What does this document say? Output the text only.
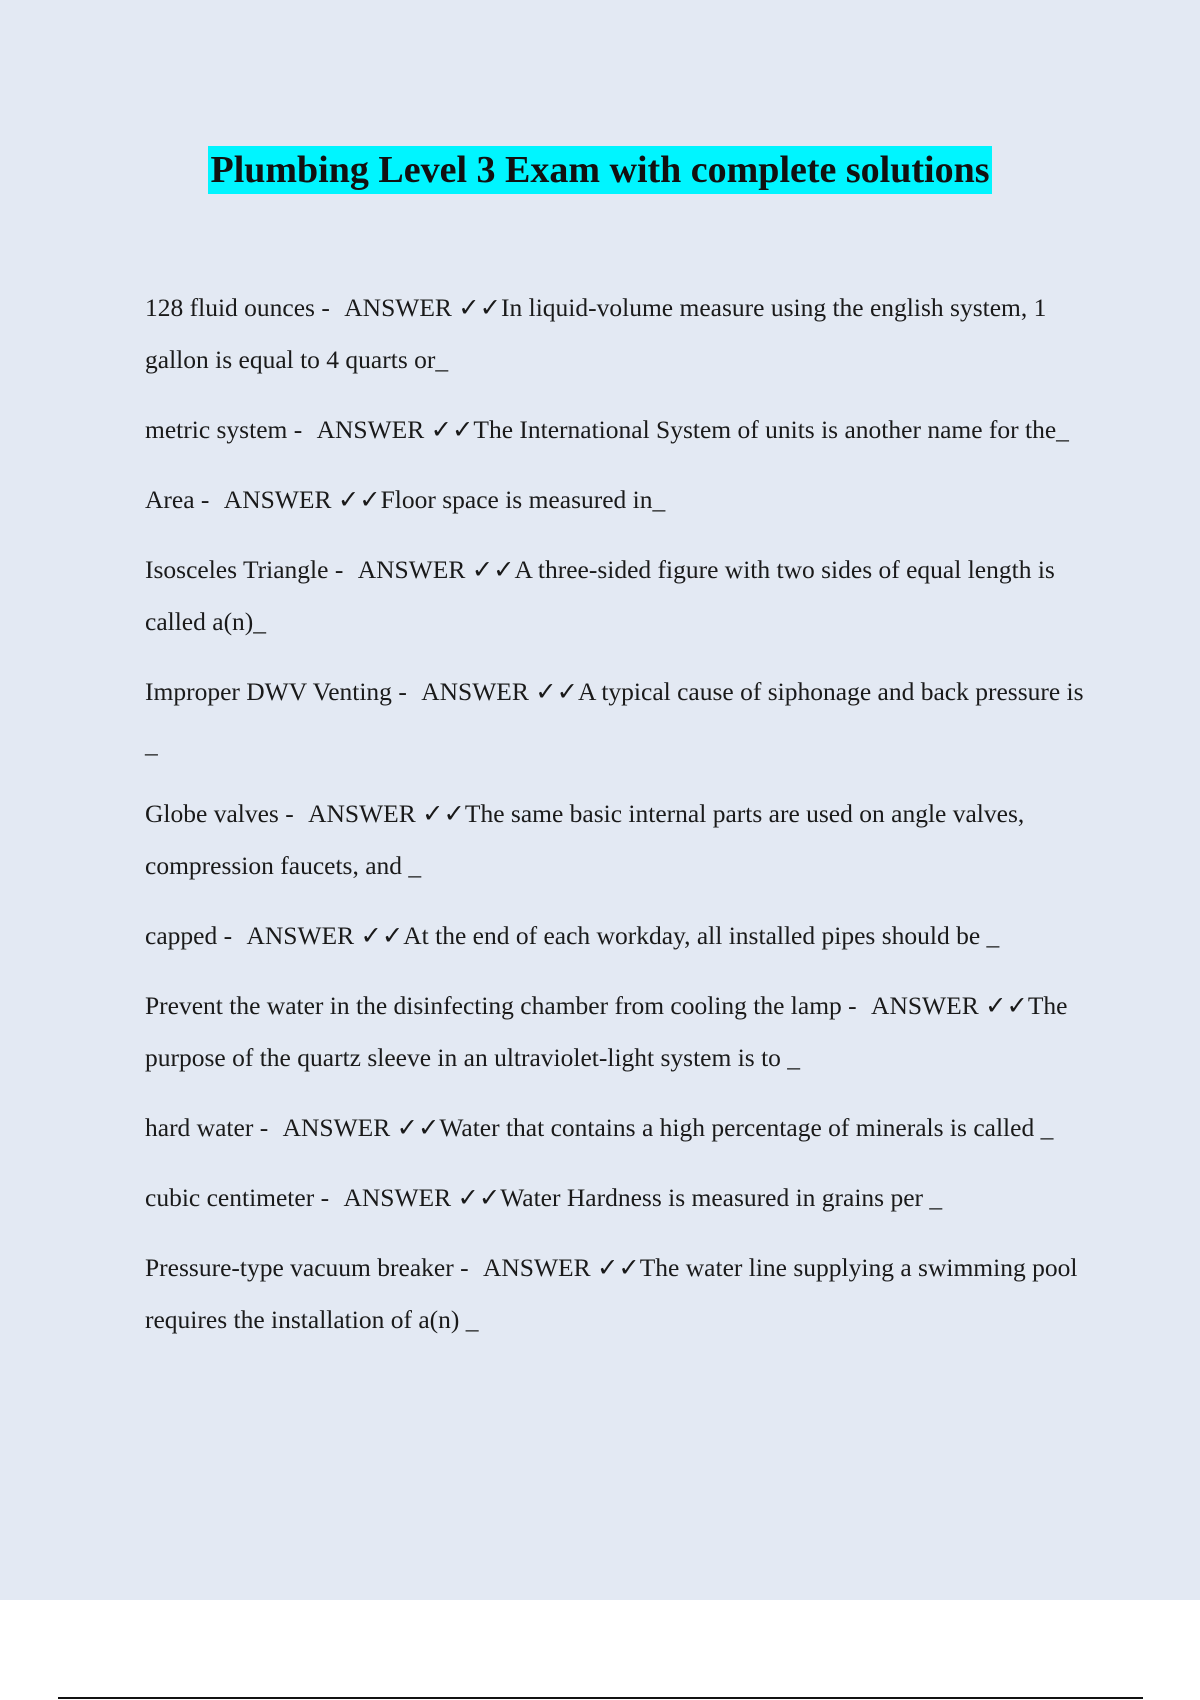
Plumbing Level 3 Exam with complete solutions
128 fluid ounces - ANSWER ✓✓In liquid-volume measure using the english system, 1 gallon is equal to 4 quarts or_
metric system - ANSWER ✓✓The International System of units is another name for the_
Area - ANSWER ✓✓Floor space is measured in_
Isosceles Triangle - ANSWER ✓✓A three-sided figure with two sides of equal length is called a(n)_
Improper DWV Venting - ANSWER ✓✓A typical cause of siphonage and back pressure is _
Globe valves - ANSWER ✓✓The same basic internal parts are used on angle valves, compression faucets, and _
capped - ANSWER ✓✓At the end of each workday, all installed pipes should be _
Prevent the water in the disinfecting chamber from cooling the lamp - ANSWER ✓✓The purpose of the quartz sleeve in an ultraviolet-light system is to _
hard water - ANSWER ✓✓Water that contains a high percentage of minerals is called _
cubic centimeter - ANSWER ✓✓Water Hardness is measured in grains per _
Pressure-type vacuum breaker - ANSWER ✓✓The water line supplying a swimming pool requires the installation of a(n) _
